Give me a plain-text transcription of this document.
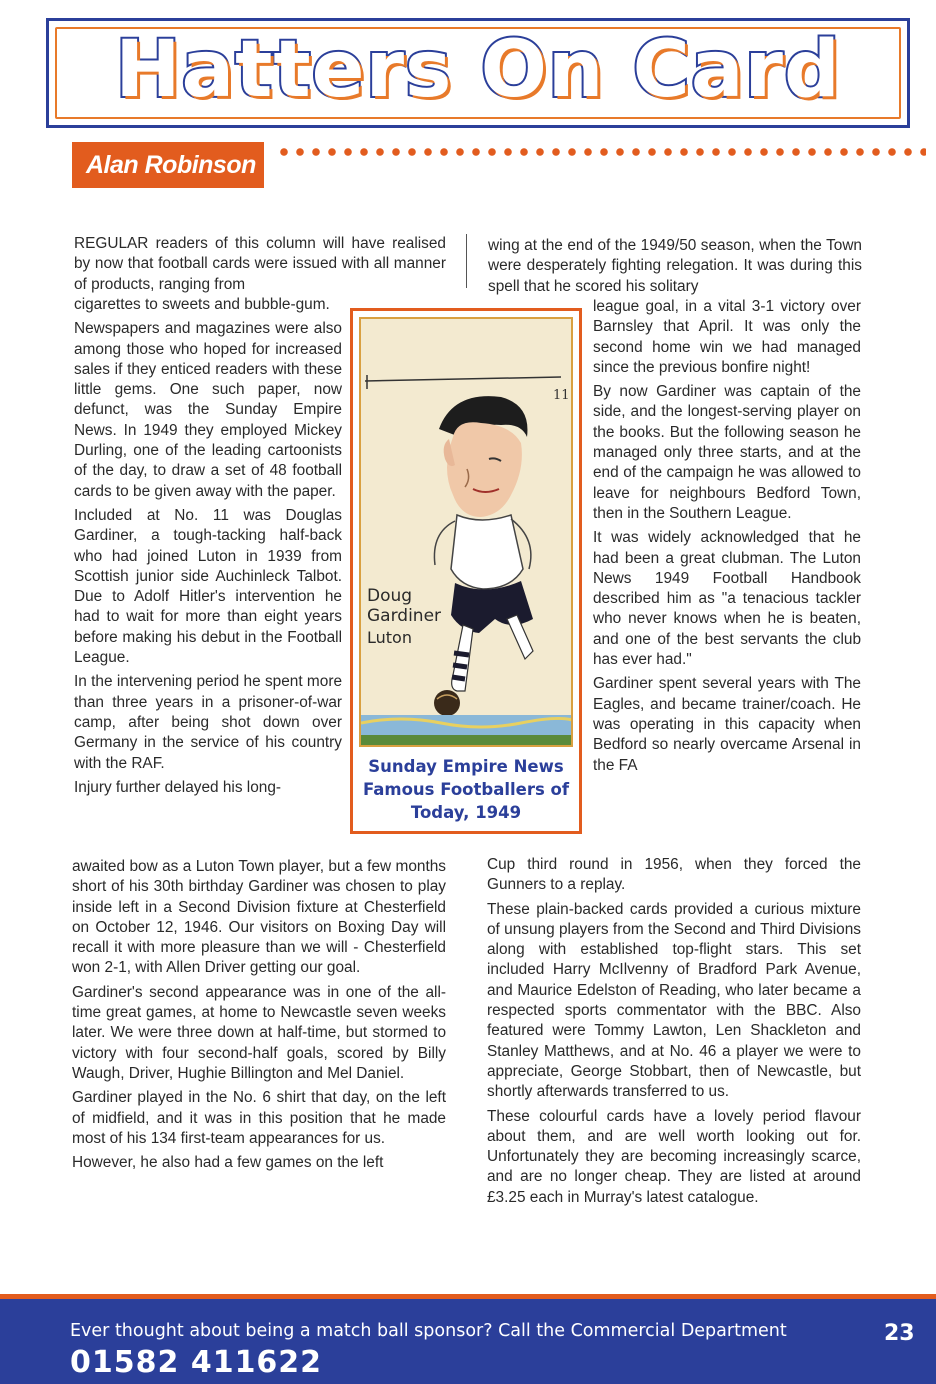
Hatters On Card
Alan Robinson

REGULAR readers of this column will have realised by now that football cards were issued with all manner of products, ranging from

cigarettes to sweets and bubble-gum.

Newspapers and magazines were also among those who hoped for increased sales if they enticed readers with these little gems. One such paper, now defunct, was the Sunday Empire News. In 1949 they employed Mickey Durling, one of the leading cartoonists of the day, to draw a set of 48 football cards to be given away with the paper.

Included at No. 11 was Douglas Gardiner, a tough-tacking half-back who had joined Luton in 1939 from Scottish junior side Auchinleck Talbot. Due to Adolf Hitler's intervention he had to wait for more than eight years before making his debut in the Football League.

In the intervening period he spent more than three years in a prisoner-of-war camp, after being shot down over Germany in the service of his country with the RAF.

Injury further delayed his long-

awaited bow as a Luton Town player, but a few months short of his 30th birthday Gardiner was chosen to play inside left in a Second Division fixture at Chesterfield on October 12, 1946. Our visitors on Boxing Day will recall it with more pleasure than we will - Chesterfield won 2-1, with Allen Driver getting our goal.

Gardiner's second appearance was in one of the all-time great games, at home to Newcastle seven weeks later. We were three down at half-time, but stormed to victory with four second-half goals, scored by Billy Waugh, Driver, Hughie Billington and Mel Daniel.

Gardiner played in the No. 6 shirt that day, on the left of midfield, and it was in this position that he made most of his 134 first-team appearances for us.

However, he also had a few games on the left

wing at the end of the 1949/50 season, when the Town were desperately fighting relegation. It was during this spell that he scored his solitary

league goal, in a vital 3-1 victory over Barnsley that April. It was only the second home win we had managed since the previous bonfire night!

By now Gardiner was captain of the side, and the longest-serving player on the books. But the following season he managed only three starts, and at the end of the campaign he was allowed to leave for neighbours Bedford Town, then in the Southern League.

It was widely acknowledged that he had been a great clubman. The Luton News 1949 Football Handbook described him as "a tenacious tackler who never knows when he is beaten, and one of the best servants the club has ever had."

Gardiner spent several years with The Eagles, and became trainer/coach. He was operating in this capacity when Bedford so nearly overcame Arsenal in the FA

Cup third round in 1956, when they forced the Gunners to a replay.

These plain-backed cards provided a curious mixture of unsung players from the Second and Third Divisions along with established top-flight stars. This set included Harry McIlvenny of Bradford Park Avenue, and Maurice Edelston of Reading, who later became a respected sports commentator with the BBC. Also featured were Tommy Lawton, Len Shackleton and Stanley Matthews, and at No. 46 a player we were to appreciate, George Stobbart, then of Newcastle, but shortly afterwards transferred to us.

These colourful cards have a lovely period flavour about them, and are well worth looking out for. Unfortunately they are becoming increasingly scarce, and are no longer cheap. They are listed at around £3.25 each in Murray's latest catalogue.

11
Doug
Gardiner
Luton
Sunday Empire News
Famous Footballers of
Today, 1949
Ever thought about being a match ball sponsor? Call the Commercial Department
01582 411622
23
